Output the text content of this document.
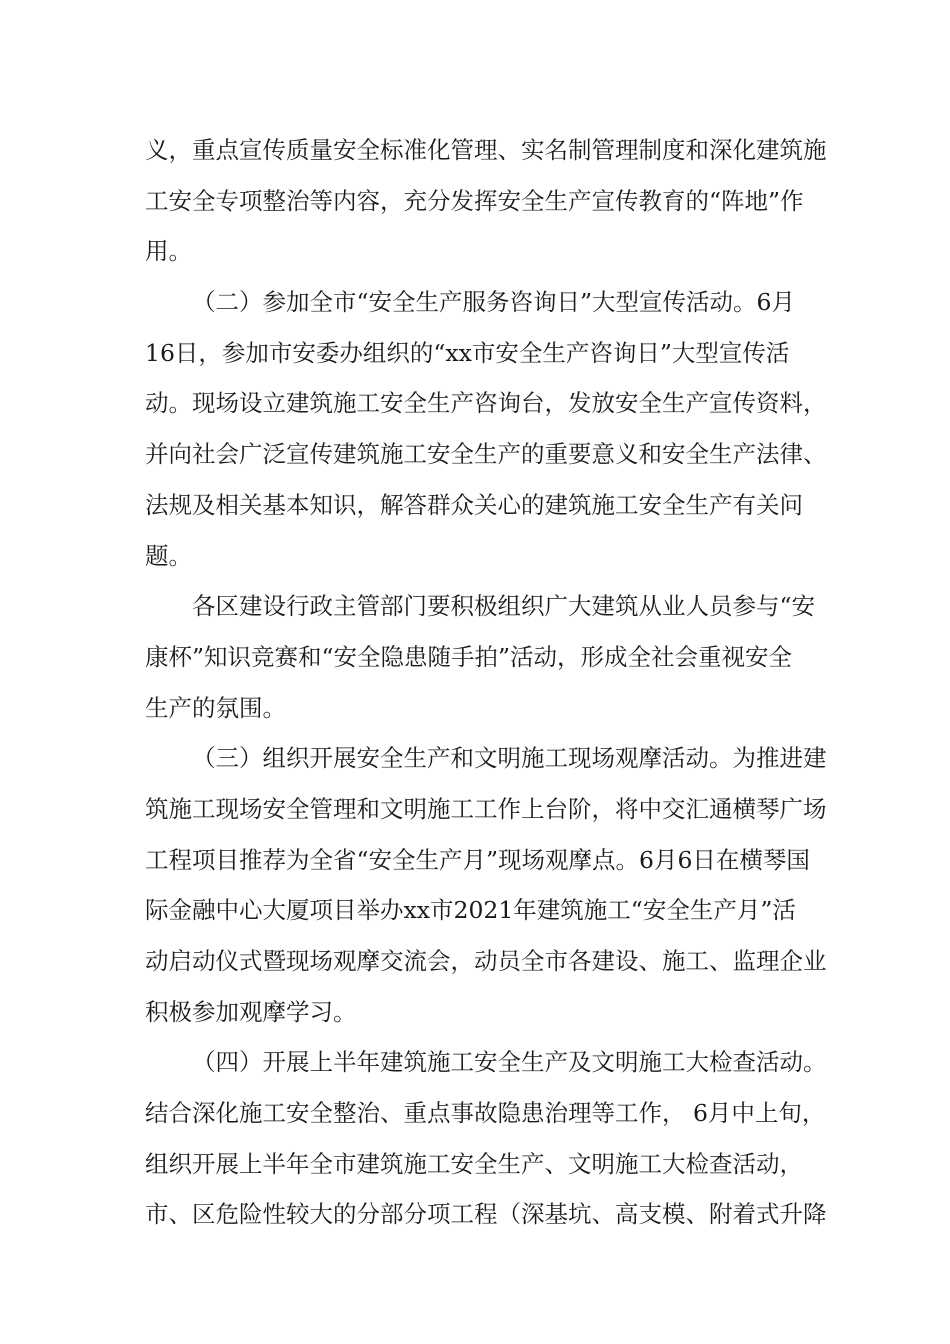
义，重点宣传质量安全标准化管理、实名制管理制度和深化建筑施
工安全专项整治等内容，充分发挥安全生产宣传教育的“阵地”作
用。
（二）参加全市“安全生产服务咨询日”大型宣传活动。6月
16日，参加市安委办组织的“xx市安全生产咨询日”大型宣传活
动。现场设立建筑施工安全生产咨询台，发放安全生产宣传资料，
并向社会广泛宣传建筑施工安全生产的重要意义和安全生产法律、
法规及相关基本知识，解答群众关心的建筑施工安全生产有关问
题。
各区建设行政主管部门要积极组织广大建筑从业人员参与“安
康杯”知识竞赛和“安全隐患随手拍”活动，形成全社会重视安全
生产的氛围。
（三）组织开展安全生产和文明施工现场观摩活动。为推进建
筑施工现场安全管理和文明施工工作上台阶，将中交汇通横琴广场
工程项目推荐为全省“安全生产月”现场观摩点。6月6日在横琴国
际金融中心大厦项目举办xx市2021年建筑施工“安全生产月”活
动启动仪式暨现场观摩交流会，动员全市各建设、施工、监理企业
积极参加观摩学习。
（四）开展上半年建筑施工安全生产及文明施工大检查活动。
结合深化施工安全整治、重点事故隐患治理等工作， 6月中上旬，
组织开展上半年全市建筑施工安全生产、文明施工大检查活动，
市、区危险性较大的分部分项工程（深基坑、高支模、附着式升降
